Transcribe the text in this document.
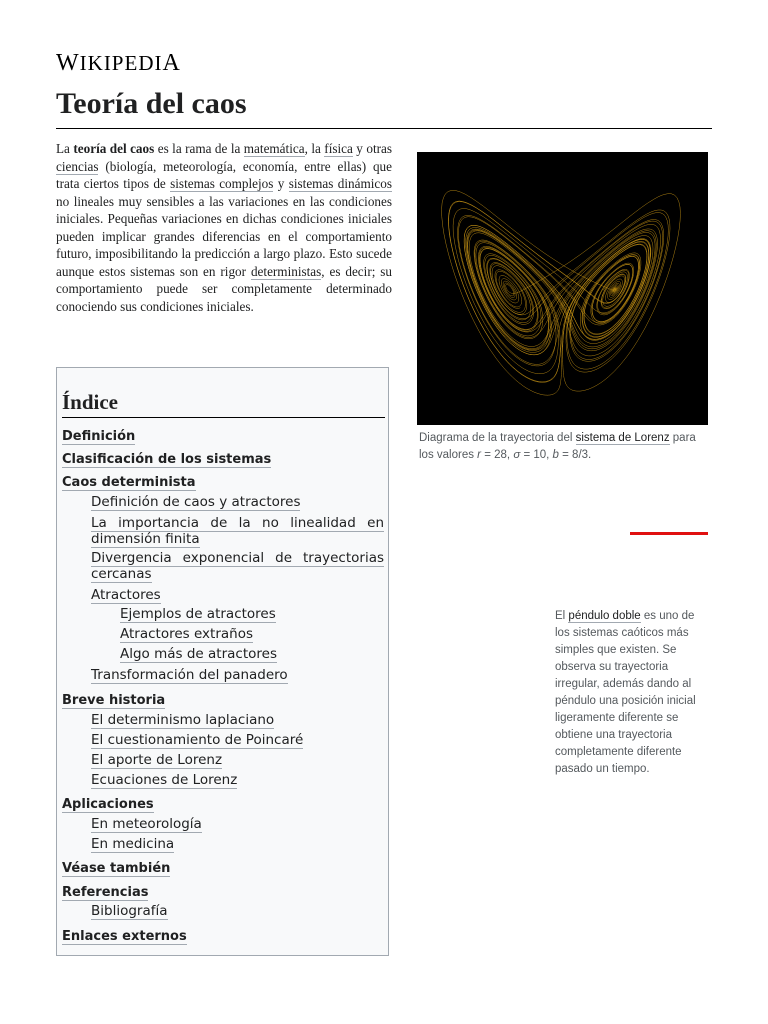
WIKIPEDIA
Teoría del caos

La teoría del caos es la rama de la matemática, la física y otras ciencias (biología, meteorología, economía, entre ellas) que trata ciertos tipos de sistemas complejos y sistemas dinámicos no lineales muy sensibles a las variaciones en las condiciones iniciales. Pequeñas variaciones en dichas condiciones iniciales pueden implicar grandes diferencias en el comportamiento futuro, imposibilitando la predicción a largo plazo. Esto sucede aunque estos sistemas son en rigor deterministas, es decir; su comportamiento puede ser completamente determinado conociendo sus condiciones iniciales.

Índice
Definición
Clasificación de los sistemas
Caos determinista
Definición de caos y atractores
La importancia de la no linealidad en dimensión finita
Divergencia exponencial de trayectorias cercanas
Atractores
Ejemplos de atractores
Atractores extraños
Algo más de atractores
Transformación del panadero
Breve historia
El determinismo laplaciano
El cuestionamiento de Poincaré
El aporte de Lorenz
Ecuaciones de Lorenz
Aplicaciones
En meteorología
En medicina
Véase también
Referencias
Bibliografía
Enlaces externos
Diagrama de la trayectoria del sistema de Lorenz para los valores r = 28, σ = 10, b = 8/3.
El péndulo doble es uno de los sistemas caóticos más simples que existen. Se observa su trayectoria irregular, además dando al péndulo una posición inicial ligeramente diferente se obtiene una trayectoria completamente diferente pasado un tiempo.
